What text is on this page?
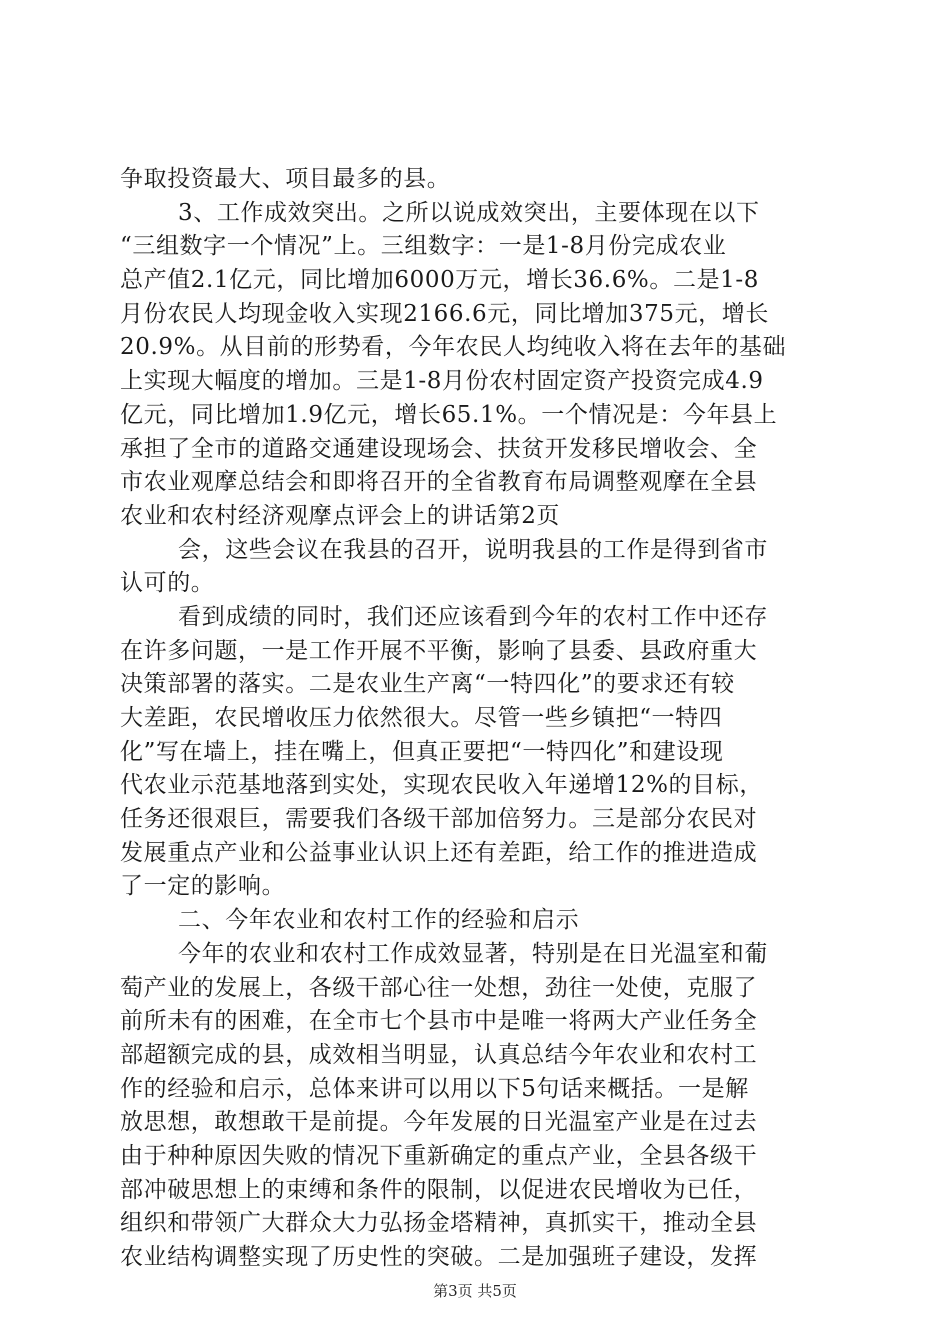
争取投资最大、项目最多的县。
3、工作成效突出。之所以说成效突出，主要体现在以下
“三组数字一个情况”上。三组数字：一是1-8月份完成农业
总产值2.1亿元，同比增加6000万元，增长36.6%。二是1-8
月份农民人均现金收入实现2166.6元，同比增加375元，增长
20.9%。从目前的形势看，今年农民人均纯收入将在去年的基础
上实现大幅度的增加。三是1-8月份农村固定资产投资完成4.9
亿元，同比增加1.9亿元，增长65.1%。一个情况是：今年县上
承担了全市的道路交通建设现场会、扶贫开发移民增收会、全
市农业观摩总结会和即将召开的全省教育布局调整观摩在全县
农业和农村经济观摩点评会上的讲话第2页
会，这些会议在我县的召开，说明我县的工作是得到省市
认可的。
看到成绩的同时，我们还应该看到今年的农村工作中还存
在许多问题，一是工作开展不平衡，影响了县委、县政府重大
决策部署的落实。二是农业生产离“一特四化”的要求还有较
大差距，农民增收压力依然很大。尽管一些乡镇把“一特四
化”写在墙上，挂在嘴上，但真正要把“一特四化”和建设现
代农业示范基地落到实处，实现农民收入年递增12%的目标，
任务还很艰巨，需要我们各级干部加倍努力。三是部分农民对
发展重点产业和公益事业认识上还有差距，给工作的推进造成
了一定的影响。
二、今年农业和农村工作的经验和启示
今年的农业和农村工作成效显著，特别是在日光温室和葡
萄产业的发展上，各级干部心往一处想，劲往一处使，克服了
前所未有的困难，在全市七个县市中是唯一将两大产业任务全
部超额完成的县，成效相当明显，认真总结今年农业和农村工
作的经验和启示，总体来讲可以用以下5句话来概括。一是解
放思想，敢想敢干是前提。今年发展的日光温室产业是在过去
由于种种原因失败的情况下重新确定的重点产业，全县各级干
部冲破思想上的束缚和条件的限制，以促进农民增收为已任，
组织和带领广大群众大力弘扬金塔精神，真抓实干，推动全县
农业结构调整实现了历史性的突破。二是加强班子建设，发挥
第3页 共5页
